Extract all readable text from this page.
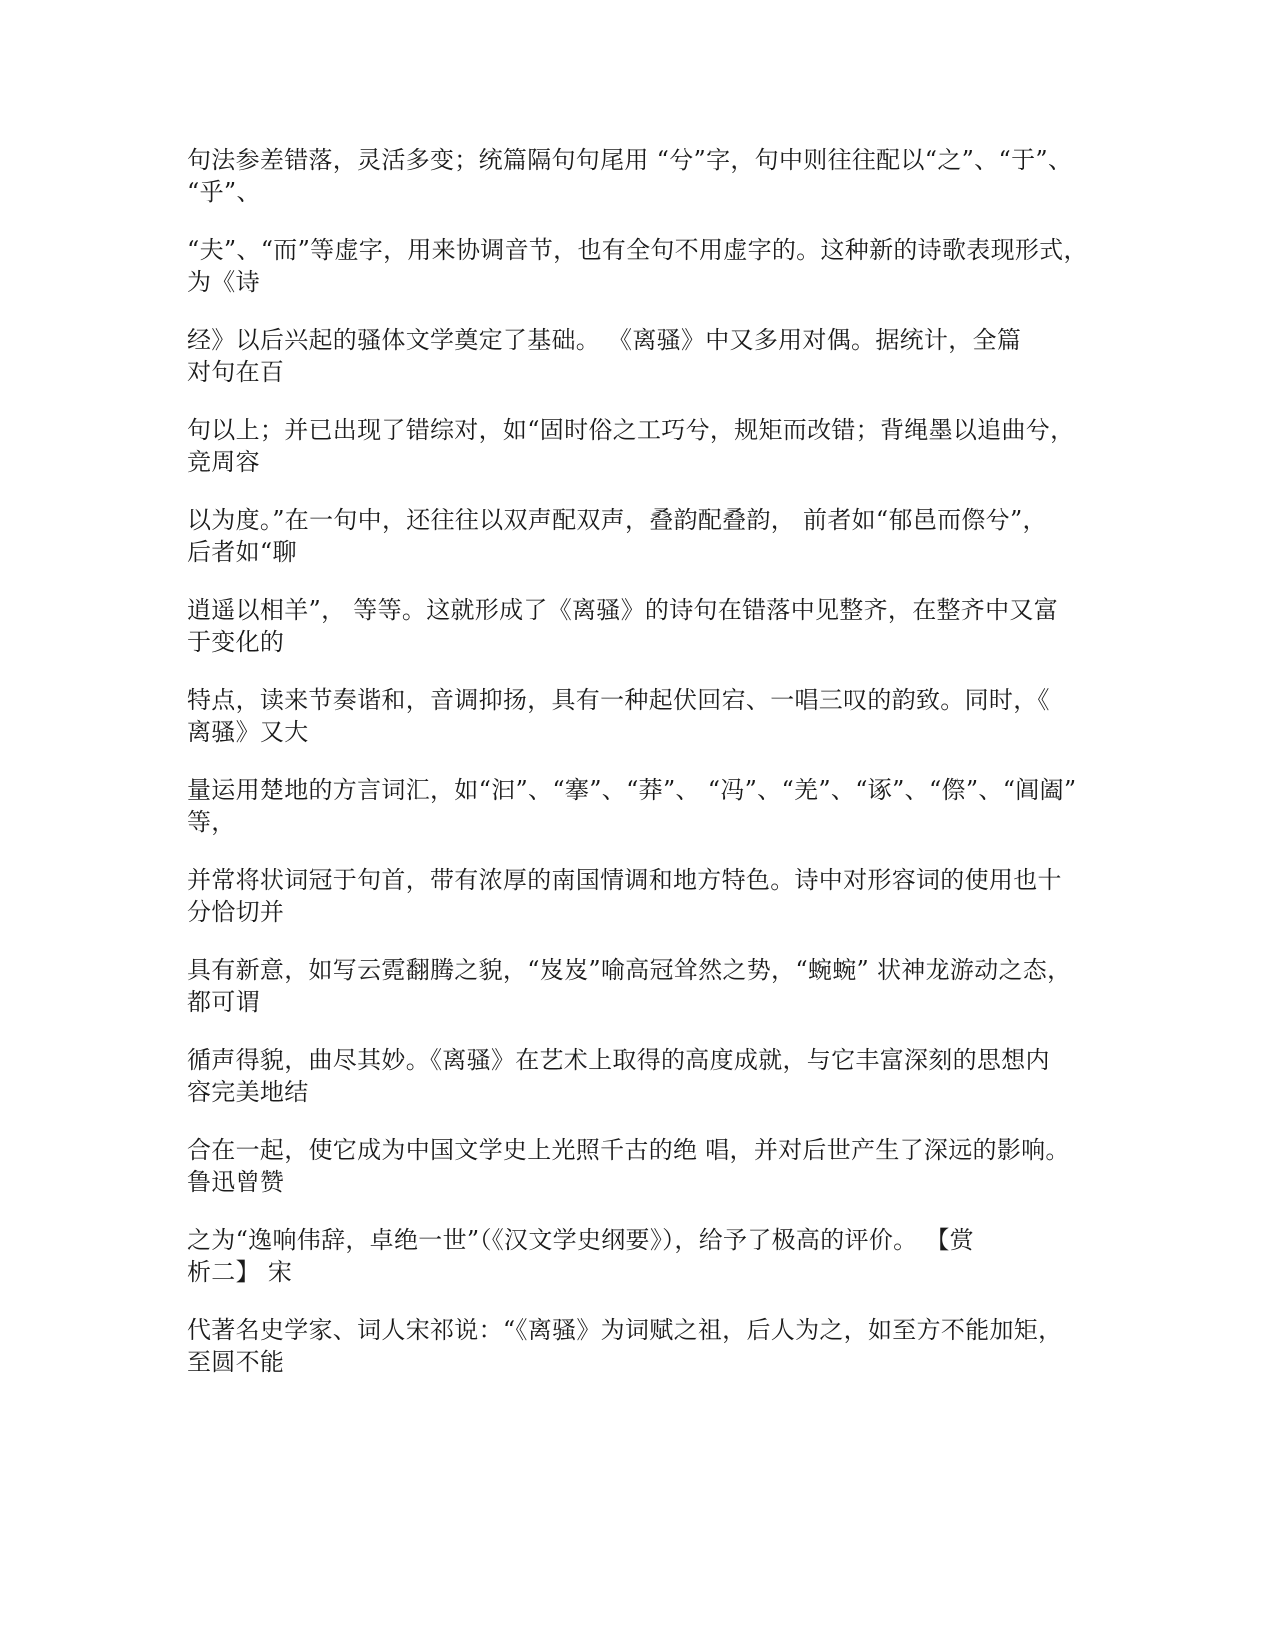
句法参差错落，灵活多变；统篇隔句句尾用 “兮”字，句中则往往配以“之”、“于”、
“乎”、
“夫”、“而”等虚字，用来协调音节，也有全句不用虚字的。这种新的诗歌表现形式，
为《诗
经》以后兴起的骚体文学奠定了基础。 《离骚》中又多用对偶。据统计，全篇
对句在百
句以上；并已出现了错综对，如“固时俗之工巧兮，规矩而改错；背绳墨以追曲兮，
竞周容
以为度。”在一句中，还往往以双声配双声，叠韵配叠韵， 前者如“郁邑而傺兮”，
后者如“聊
逍遥以相羊”， 等等。这就形成了《离骚》的诗句在错落中见整齐，在整齐中又富
于变化的
特点，读来节奏谐和，音调抑扬，具有一种起伏回宕、一唱三叹的韵致。同时，《
离骚》又大
量运用楚地的方言词汇，如“汩”、“搴”、“莽”、 “冯”、“羌”、“诼”、“傺”、“阊阖”
等，
并常将状词冠于句首，带有浓厚的南国情调和地方特色。诗中对形容词的使用也十
分恰切并
具有新意，如写云霓翻腾之貌，“岌岌”喻高冠耸然之势，“蜿蜿” 状神龙游动之态，
都可谓
循声得貌，曲尽其妙。《离骚》在艺术上取得的高度成就，与它丰富深刻的思想内
容完美地结
合在一起，使它成为中国文学史上光照千古的绝 唱，并对后世产生了深远的影响。
鲁迅曾赞
之为“逸响伟辞，卓绝一世”（《汉文学史纲要》），给予了极高的评价。 【赏
析二】 宋
代著名史学家、词人宋祁说：“《离骚》为词赋之祖，后人为之，如至方不能加矩，
至圆不能
